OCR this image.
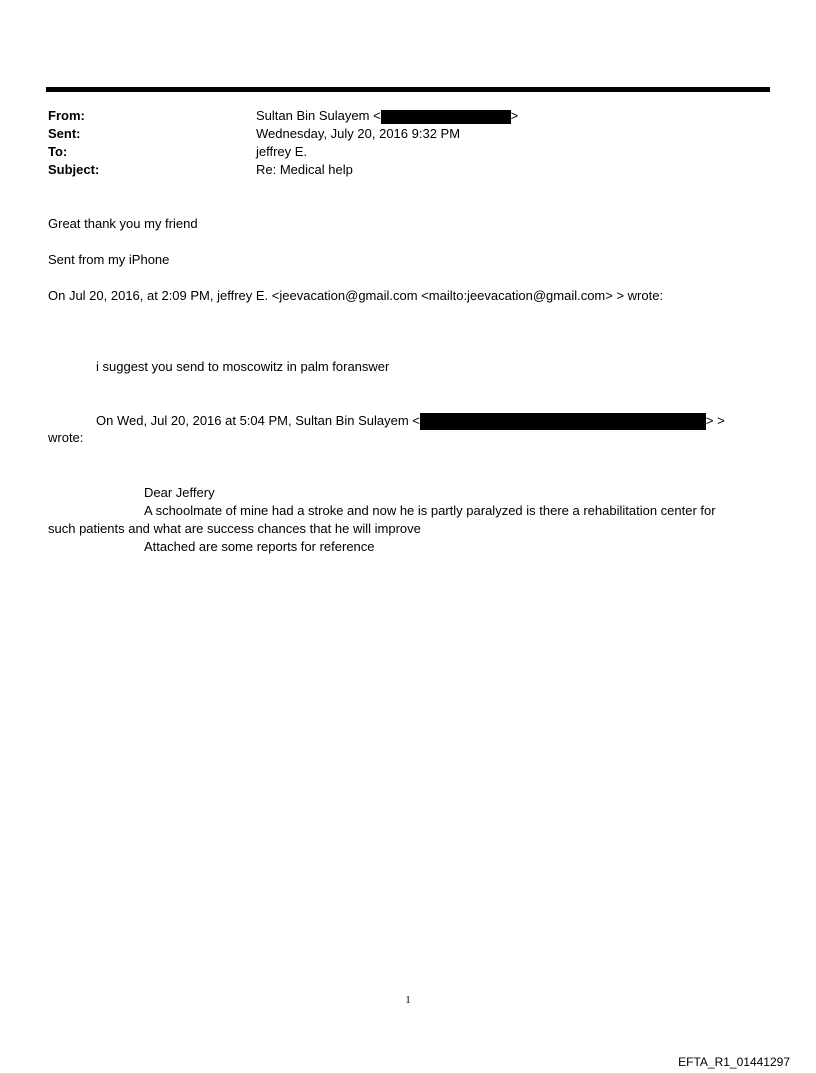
From:	Sultan Bin Sulayem <	>
Sent:	Wednesday, July 20, 2016 9:32 PM
To:	jeffrey E.
Subject:	Re: Medical help
Great thank you my friend
Sent from my iPhone
On Jul 20, 2016, at 2:09 PM, jeffrey E. <jeevacation@gmail.com <mailto:jeevacation@gmail.com> > wrote:
i suggest you send to moscowitz in palm foranswer
On Wed, Jul 20, 2016 at 5:04 PM, Sultan Bin Sulayem <	> >
wrote:
Dear Jeffery
A schoolmate of mine had a stroke and now he is partly paralyzed is there a rehabilitation center for
such patients and what are success chances that he will improve
Attached are some reports for reference
1
EFTA_R1_01441297
